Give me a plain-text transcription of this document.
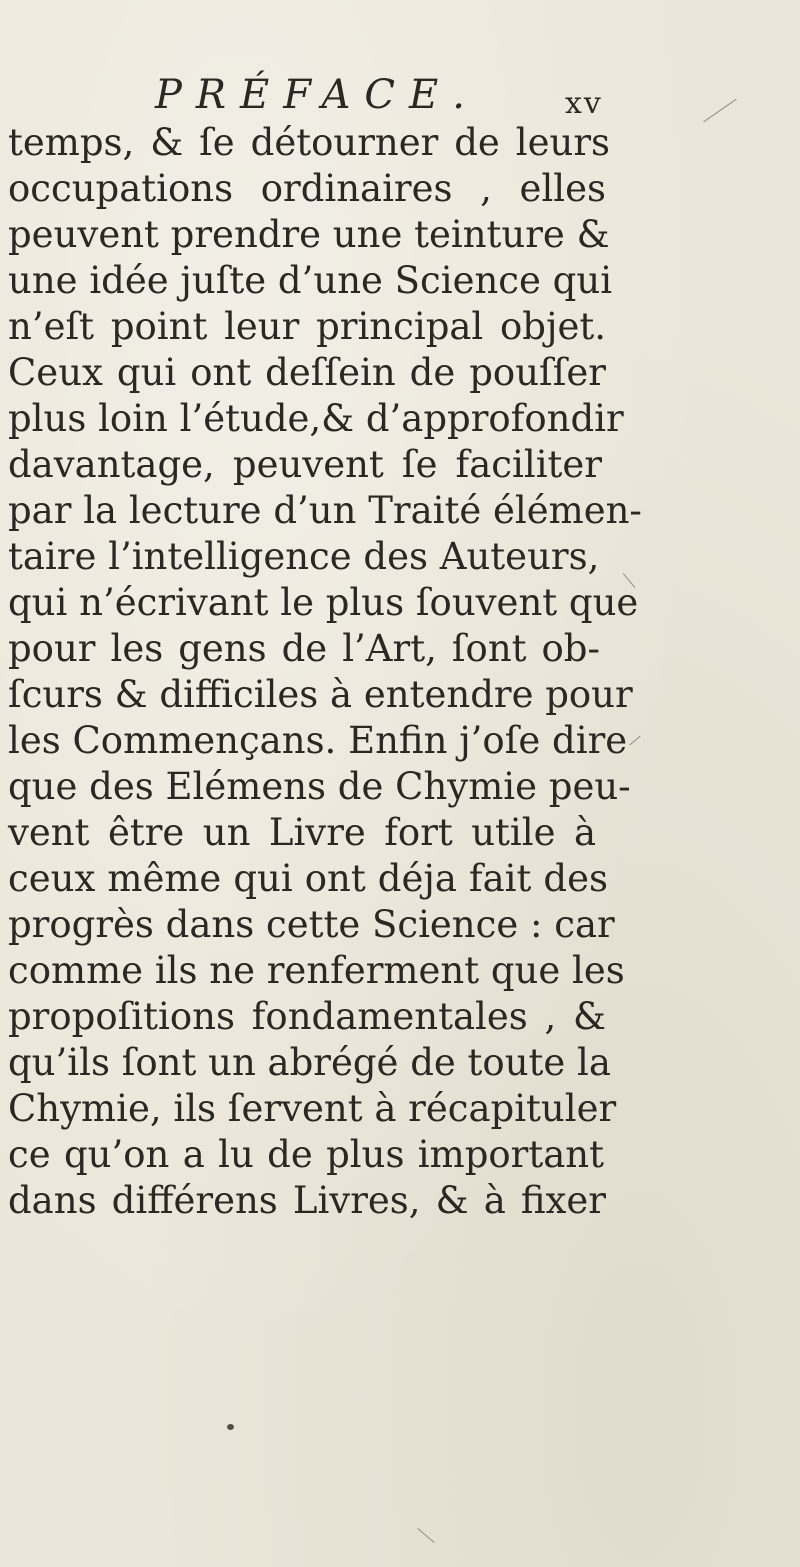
PRÉFACE.	xv
temps, & ſe détourner de leurs
occupations ordinaires , elles
peuvent prendre une teinture &
une idée juſte d’une Science qui
n’eſt point leur principal objet.
Ceux qui ont deſſein de pouſſer
plus loin l’étude,& d’approfondir
davantage, peuvent ſe faciliter
par la lecture d’un Traité élémen-
taire l’intelligence des Auteurs,
qui n’écrivant le plus ſouvent que
pour les gens de l’Art, ſont ob-
ſcurs & difficiles à entendre pour
les Commençans. Enfin j’oſe dire
que des Elémens de Chymie peu-
vent être un Livre fort utile à
ceux même qui ont déja fait des
progrès dans cette Science : car
comme ils ne renferment que les
propoſitions fondamentales , &
qu’ils ſont un abrégé de toute la
Chymie, ils ſervent à récapituler
ce qu’on a lu de plus important
dans différens Livres, & à fixer
